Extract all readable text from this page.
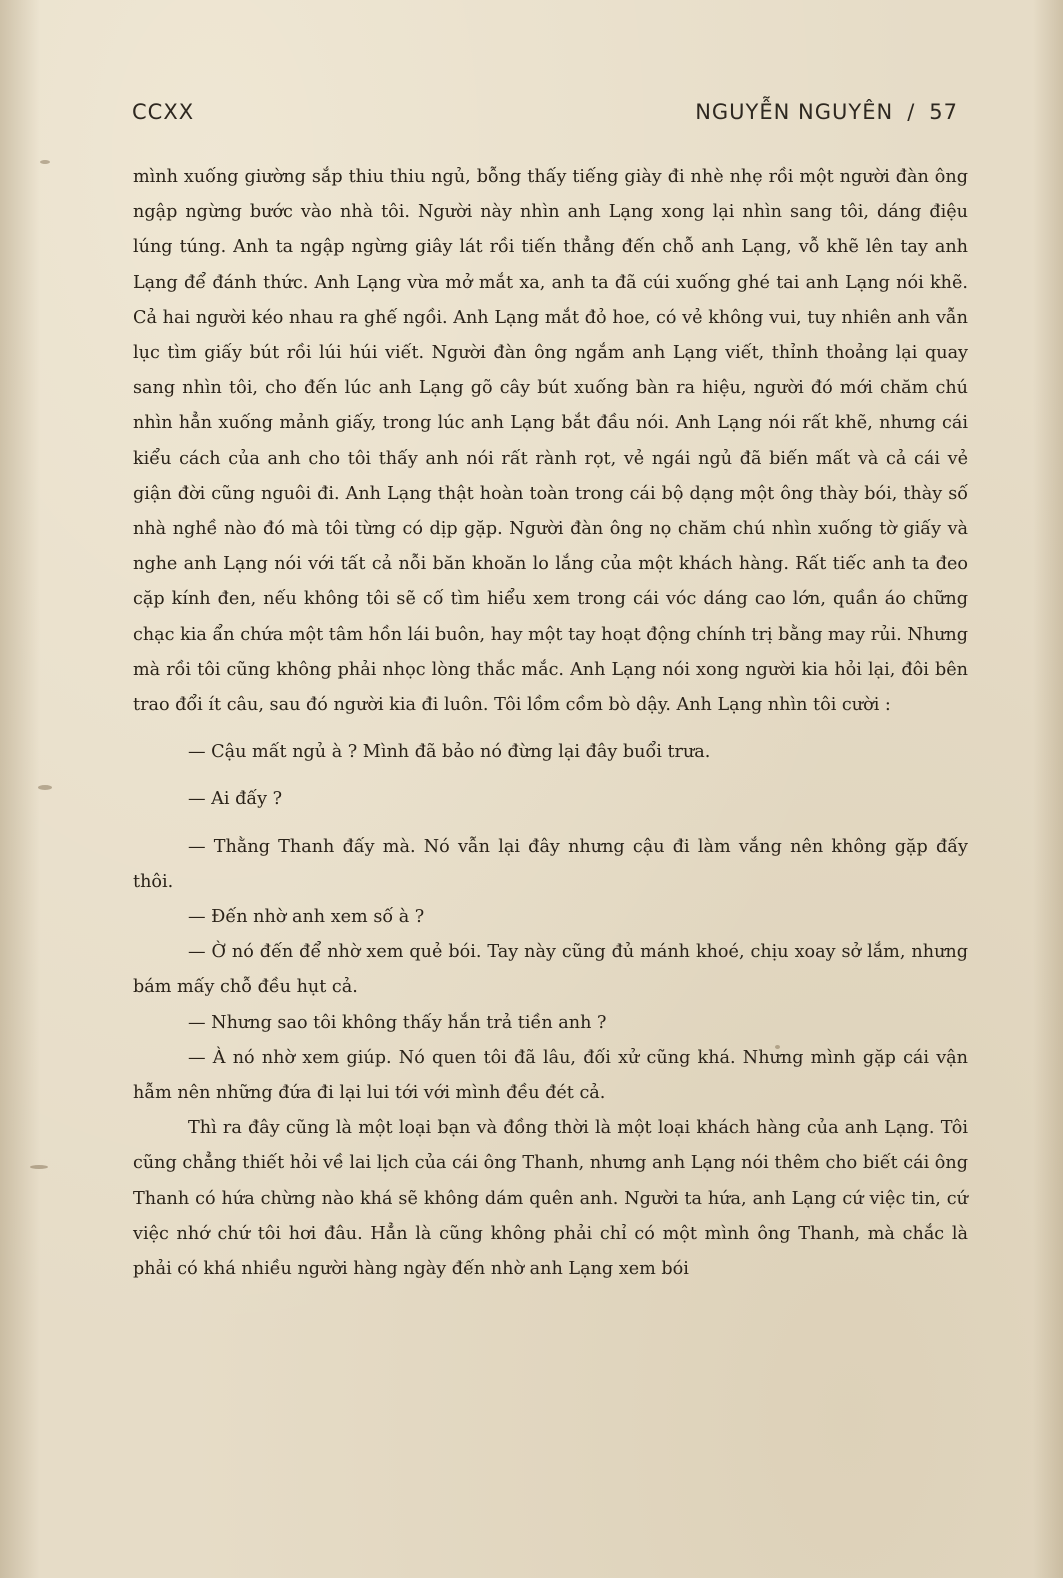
CCXX	NGUYỄN NGUYÊN / 57

mình xuống giường sắp thiu thiu ngủ, bỗng thấy tiếng giày đi nhè nhẹ rồi một người đàn ông ngập ngừng bước vào nhà tôi. Người này nhìn anh Lạng xong lại nhìn sang tôi, dáng điệu lúng túng. Anh ta ngập ngừng giây lát rồi tiến thẳng đến chỗ anh Lạng, vỗ khẽ lên tay anh Lạng để đánh thức. Anh Lạng vừa mở mắt xa, anh ta đã cúi xuống ghé tai anh Lạng nói khẽ. Cả hai người kéo nhau ra ghế ngồi. Anh Lạng mắt đỏ hoe, có vẻ không vui, tuy nhiên anh vẫn lục tìm giấy bút rồi lúi húi viết. Người đàn ông ngắm anh Lạng viết, thỉnh thoảng lại quay sang nhìn tôi, cho đến lúc anh Lạng gõ cây bút xuống bàn ra hiệu, người đó mới chăm chú nhìn hẳn xuống mảnh giấy, trong lúc anh Lạng bắt đầu nói. Anh Lạng nói rất khẽ, nhưng cái kiểu cách của anh cho tôi thấy anh nói rất rành rọt, vẻ ngái ngủ đã biến mất và cả cái vẻ giận đời cũng nguôi đi. Anh Lạng thật hoàn toàn trong cái bộ dạng một ông thày bói, thày số nhà nghề nào đó mà tôi từng có dịp gặp. Người đàn ông nọ chăm chú nhìn xuống tờ giấy và nghe anh Lạng nói với tất cả nỗi băn khoăn lo lắng của một khách hàng. Rất tiếc anh ta đeo cặp kính đen, nếu không tôi sẽ cố tìm hiểu xem trong cái vóc dáng cao lớn, quần áo chững chạc kia ẩn chứa một tâm hồn lái buôn, hay một tay hoạt động chính trị bằng may rủi. Nhưng mà rồi tôi cũng không phải nhọc lòng thắc mắc. Anh Lạng nói xong người kia hỏi lại, đôi bên trao đổi ít câu, sau đó người kia đi luôn. Tôi lồm cồm bò dậy. Anh Lạng nhìn tôi cười :

— Cậu mất ngủ à ? Mình đã bảo nó đừng lại đây buổi trưa.

— Ai đấy ?

— Thằng Thanh đấy mà. Nó vẫn lại đây nhưng cậu đi làm vắng nên không gặp đấy thôi.

— Đến nhờ anh xem số à ?

— Ờ nó đến để nhờ xem quẻ bói. Tay này cũng đủ mánh khoé, chịu xoay sở lắm, nhưng bám mấy chỗ đều hụt cả.

— Nhưng sao tôi không thấy hắn trả tiền anh ?

— À nó nhờ xem giúp. Nó quen tôi đã lâu, đối xử cũng khá. Nhưng mình gặp cái vận hẫm nên những đứa đi lại lui tới với mình đều đét cả.

Thì ra đây cũng là một loại bạn và đồng thời là một loại khách hàng của anh Lạng. Tôi cũng chẳng thiết hỏi về lai lịch của cái ông Thanh, nhưng anh Lạng nói thêm cho biết cái ông Thanh có hứa chừng nào khá sẽ không dám quên anh. Người ta hứa, anh Lạng cứ việc tin, cứ việc nhớ chứ tôi hơi đâu. Hẳn là cũng không phải chỉ có một mình ông Thanh, mà chắc là phải có khá nhiều người hàng ngày đến nhờ anh Lạng xem bói
